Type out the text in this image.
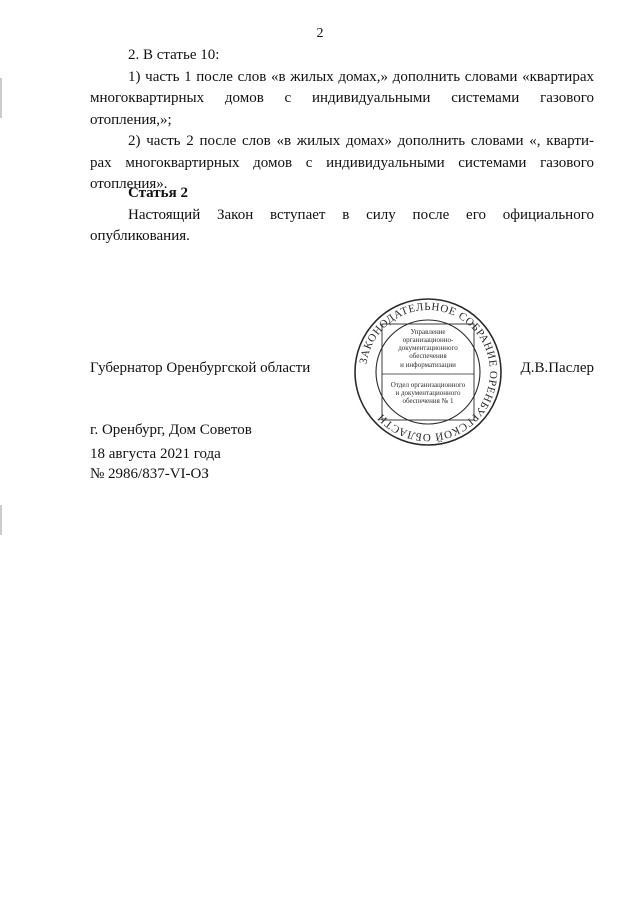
2

2. В статье 10:

1) часть 1 после слов «в жилых домах,» дополнить словами «квартирах

многоквартирных домов с индивидуальными системами газового

отопления,»;

2) часть 2 после слов «в жилых домах» дополнить словами «, кварти-

рах многоквартирных домов с индивидуальными системами газового

отопления».

Статья 2

Настоящий Закон вступает в силу после его официального

опубликования.

Губернатор Оренбургской области	Д.В.Паслер
г. Оренбург, Дом Советов
18 августа 2021 года
№ 2986/837-VI-ОЗ
ЗАКОНОДАТЕЛЬНОЕ СОБРАНИЕ ОРЕНБУРГСКОЙ ОБЛАСТИ
Управление
организационно-
документационного
обеспечения
и информатизации
Отдел организационного
и документационного
обеспечения № 1
